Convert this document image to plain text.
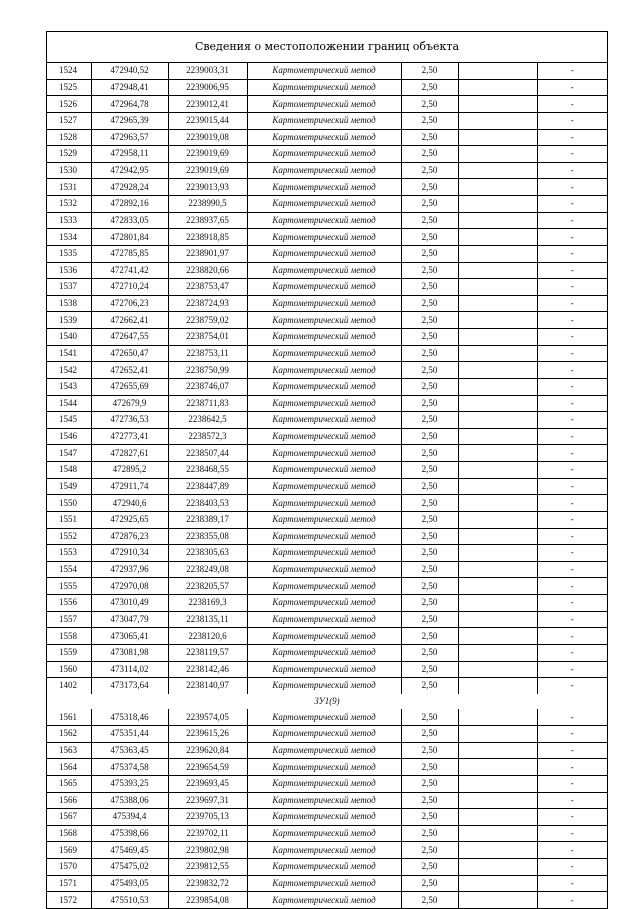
Сведения о местоположении границ объекта
1524	472940,52	2239003,31	Картометрический метод	2,50		-
1525	472948,41	2239006,95	Картометрический метод	2,50		-
1526	472964,78	2239012,41	Картометрический метод	2,50		-
1527	472965,39	2239015,44	Картометрический метод	2,50		-
1528	472963,57	2239019,08	Картометрический метод	2,50		-
1529	472958,11	2239019,69	Картометрический метод	2,50		-
1530	472942,95	2239019,69	Картометрический метод	2,50		-
1531	472928,24	2239013,93	Картометрический метод	2,50		-
1532	472892,16	2238990,5	Картометрический метод	2,50		-
1533	472833,05	2238937,65	Картометрический метод	2,50		-
1534	472801,84	2238918,85	Картометрический метод	2,50		-
1535	472785,85	2238901,97	Картометрический метод	2,50		-
1536	472741,42	2238820,66	Картометрический метод	2,50		-
1537	472710,24	2238753,47	Картометрический метод	2,50		-
1538	472706,23	2238724,93	Картометрический метод	2,50		-
1539	472662,41	2238759,02	Картометрический метод	2,50		-
1540	472647,55	2238754,01	Картометрический метод	2,50		-
1541	472650,47	2238753,11	Картометрический метод	2,50		-
1542	472652,41	2238750,99	Картометрический метод	2,50		-
1543	472655,69	2238746,07	Картометрический метод	2,50		-
1544	472679,9	2238711,83	Картометрический метод	2,50		-
1545	472736,53	2238642,5	Картометрический метод	2,50		-
1546	472773,41	2238572,3	Картометрический метод	2,50		-
1547	472827,61	2238507,44	Картометрический метод	2,50		-
1548	472895,2	2238468,55	Картометрический метод	2,50		-
1549	472911,74	2238447,89	Картометрический метод	2,50		-
1550	472940,6	2238403,53	Картометрический метод	2,50		-
1551	472925,65	2238389,17	Картометрический метод	2,50		-
1552	472876,23	2238355,08	Картометрический метод	2,50		-
1553	472910,34	2238305,63	Картометрический метод	2,50		-
1554	472937,96	2238249,08	Картометрический метод	2,50		-
1555	472970,08	2238205,57	Картометрический метод	2,50		-
1556	473010,49	2238169,3	Картометрический метод	2,50		-
1557	473047,79	2238135,11	Картометрический метод	2,50		-
1558	473065,41	2238120,6	Картометрический метод	2,50		-
1559	473081,98	2238119,57	Картометрический метод	2,50		-
1560	473114,02	2238142,46	Картометрический метод	2,50		-
1402	473173,64	2238140,97	Картометрический метод	2,50		-
ЗУ1(9)						
1561	475318,46	2239574,05	Картометрический метод	2,50		-
1562	475351,44	2239615,26	Картометрический метод	2,50		-
1563	475363,45	2239620,84	Картометрический метод	2,50		-
1564	475374,58	2239654,59	Картометрический метод	2,50		-
1565	475393,25	2239693,45	Картометрический метод	2,50		-
1566	475388,06	2239697,31	Картометрический метод	2,50		-
1567	475394,4	2239705,13	Картометрический метод	2,50		-
1568	475398,66	2239702,11	Картометрический метод	2,50		-
1569	475469,45	2239802,98	Картометрический метод	2,50		-
1570	475475,02	2239812,55	Картометрический метод	2,50		-
1571	475493,05	2239832,72	Картометрический метод	2,50		-
1572	475510,53	2239854,08	Картометрический метод	2,50		-
